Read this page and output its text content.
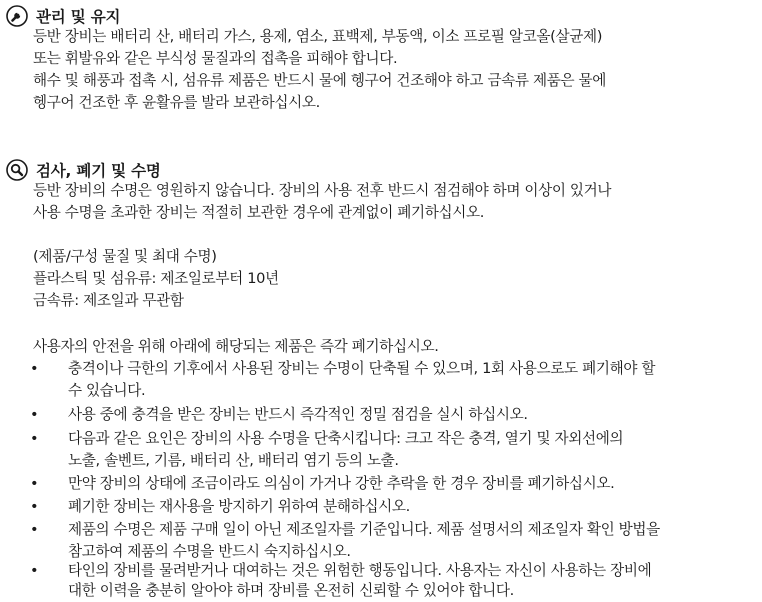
관리 및 유지
등반 장비는 배터리 산, 배터리 가스, 용제, 염소, 표백제, 부동액, 이소 프로필 알코올(살균제)
또는 휘발유와 같은 부식성 물질과의 접촉을 피해야 합니다.
해수 및 해풍과 접촉 시, 섬유류 제품은 반드시 물에 헹구어 건조해야 하고 금속류 제품은 물에
헹구어 건조한 후 윤활유를 발라 보관하십시오.
검사, 폐기 및 수명
등반 장비의 수명은 영원하지 않습니다. 장비의 사용 전후 반드시 점검해야 하며 이상이 있거나
사용 수명을 초과한 장비는 적절히 보관한 경우에 관계없이 폐기하십시오.
(제품/구성 물질 및 최대 수명)
플라스틱 및 섬유류: 제조일로부터 10년
금속류: 제조일과 무관함
사용자의 안전을 위해 아래에 해당되는 제품은 즉각 폐기하십시오.
• 충격이나 극한의 기후에서 사용된 장비는 수명이 단축될 수 있으며, 1회 사용으로도 폐기해야 할
수 있습니다.
• 사용 중에 충격을 받은 장비는 반드시 즉각적인 정밀 점검을 실시 하십시오.
• 다음과 같은 요인은 장비의 사용 수명을 단축시킵니다: 크고 작은 충격, 열기 및 자외선에의
노출, 솔벤트, 기름, 배터리 산, 배터리 염기 등의 노출.
• 만약 장비의 상태에 조금이라도 의심이 가거나 강한 추락을 한 경우 장비를 폐기하십시오.
• 폐기한 장비는 재사용을 방지하기 위하여 분해하십시오.
• 제품의 수명은 제품 구매 일이 아닌 제조일자를 기준입니다. 제품 설명서의 제조일자 확인 방법을
참고하여 제품의 수명을 반드시 숙지하십시오.
• 타인의 장비를 물려받거나 대여하는 것은 위험한 행동입니다. 사용자는 자신이 사용하는 장비에
대한 이력을 충분히 알아야 하며 장비를 온전히 신뢰할 수 있어야 합니다.
